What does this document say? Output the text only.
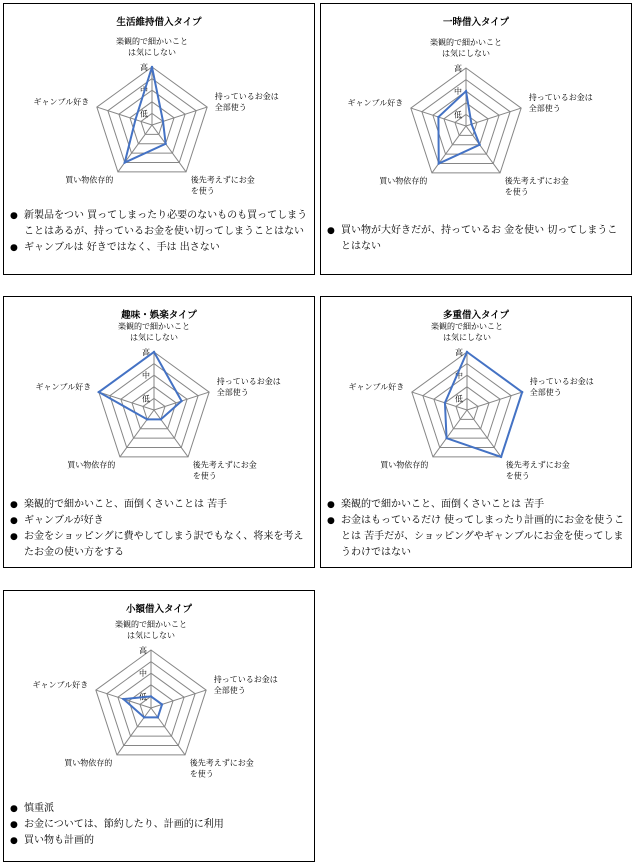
生活維持借入タイプ
低
中
高
楽観的で細かいことは気にしない
持っているお金は全部使う
後先考えずにお金を使う
買い物依存的
ギャンブル好き
● 新製品をつい 買ってしまったり必要のないものも買ってしまうことはあるが、持っているお金を使い切ってしまうことはない
● ギャンブルは 好きではなく、手は 出さない
一時借入タイプ
低
中
高
楽観的で細かいことは気にしない
持っているお金は全部使う
後先考えずにお金を使う
買い物依存的
ギャンブル好き
● 買い物が大好きだが、持っているお 金を使い 切ってしまうことはない
趣味・娯楽タイプ
低
中
高
楽観的で細かいことは気にしない
持っているお金は全部使う
後先考えずにお金を使う
買い物依存的
ギャンブル好き
● 楽観的で細かいこと、面倒くさいことは 苦手
● ギャンブルが好き
● お金をショッピングに費やしてしまう訳でもなく、将来を考えたお金の使い方をする
多重借入タイプ
低
中
高
楽観的で細かいことは気にしない
持っているお金は全部使う
後先考えずにお金を使う
買い物依存的
ギャンブル好き
● 楽観的で細かいこと、面倒くさいことは 苦手
● お金はもっているだけ 使ってしまったり計画的にお金を使うことは 苦手だが、ショッピングやギャンブルにお金を使ってしまうわけではない
小額借入タイプ
低
中
高
楽観的で細かいことは気にしない
持っているお金は全部使う
後先考えずにお金を使う
買い物依存的
ギャンブル好き
● 慎重派
● お金については、節約したり、計画的に利用
● 買い物も計画的
